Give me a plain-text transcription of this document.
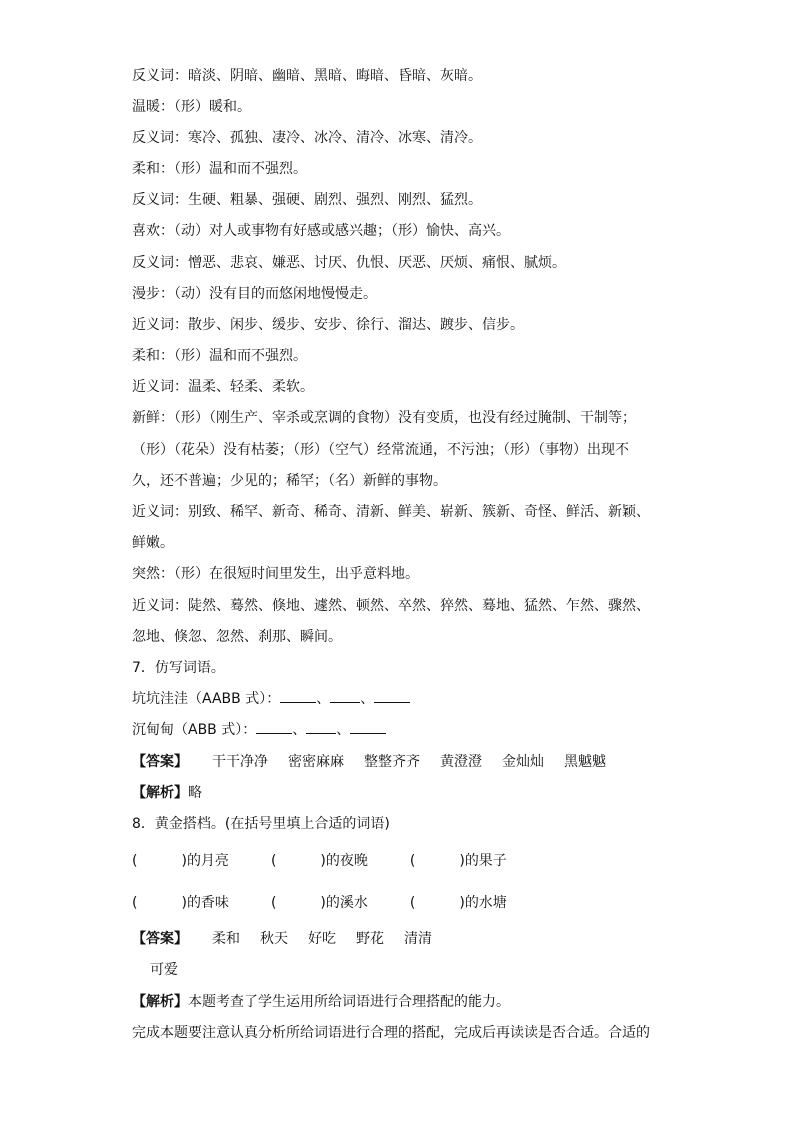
反义词：暗淡、阴暗、幽暗、黑暗、晦暗、昏暗、灰暗。
温暖：（形）暖和。
反义词：寒冷、孤独、凄冷、冰冷、清冷、冰寒、清冷。
柔和：（形）温和而不强烈。
反义词：生硬、粗暴、强硬、剧烈、强烈、刚烈、猛烈。
喜欢：（动）对人或事物有好感或感兴趣；（形）愉快、高兴。
反义词：憎恶、悲哀、嫌恶、讨厌、仇恨、厌恶、厌烦、痛恨、腻烦。
漫步：（动）没有目的而悠闲地慢慢走。
近义词：散步、闲步、缓步、安步、徐行、溜达、踱步、信步。
柔和：（形）温和而不强烈。
近义词：温柔、轻柔、柔软。
新鲜：（形）（刚生产、宰杀或烹调的食物）没有变质，也没有经过腌制、干制等；
（形）（花朵）没有枯萎；（形）（空气）经常流通，不污浊；（形）（事物）出现不
久，还不普遍；少见的；稀罕；（名）新鲜的事物。
近义词：别致、稀罕、新奇、稀奇、清新、鲜美、崭新、簇新、奇怪、鲜活、新颖、
鲜嫩。
突然：（形）在很短时间里发生，出乎意料地。
近义词：陡然、蓦然、倏地、遽然、顿然、卒然、猝然、蓦地、猛然、乍然、骤然、
忽地、倏忽、忽然、刹那、瞬间。
7．仿写词语。
坑坑洼洼（AABB 式）：	、 、
沉甸甸（ABB 式）：	、 、
【答案】 干干净净 密密麻麻 整整齐齐 黄澄澄 金灿灿 黑魆魆
【解析】略
8．黄金搭档。(在括号里填上合适的词语)
(	)的月亮	(	)的夜晚	(	)的果子
(	)的香味	(	)的溪水	(	)的水塘
【答案】 柔和 秋天 好吃 野花 清清
可爱
【解析】本题考查了学生运用所给词语进行合理搭配的能力。
完成本题要注意认真分析所给词语进行合理的搭配，完成后再读读是否合适。合适的
